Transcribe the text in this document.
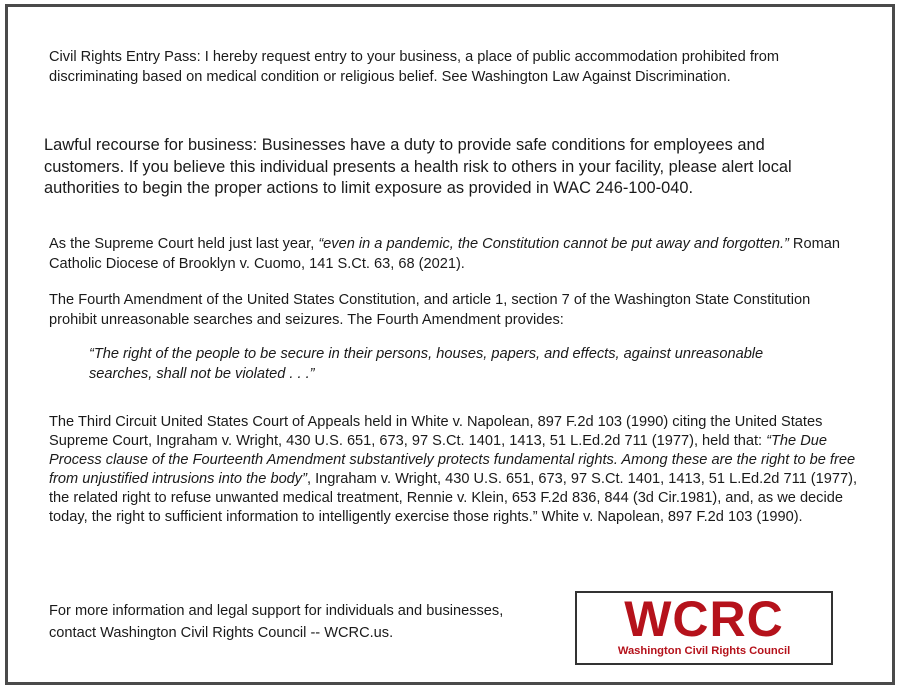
Civil Rights Entry Pass: I hereby request entry to your business, a place of public accommodation prohibited from discriminating based on medical condition or religious belief. See Washington Law Against Discrimination.

Lawful recourse for business: Businesses have a duty to provide safe conditions for employees and customers. If you believe this individual presents a health risk to others in your facility, please alert local authorities to begin the proper actions to limit exposure as provided in WAC 246-100-040.

As the Supreme Court held just last year, “even in a pandemic, the Constitution cannot be put away and forgotten.” Roman Catholic Diocese of Brooklyn v. Cuomo, 141 S.Ct. 63, 68 (2021).

The Fourth Amendment of the United States Constitution, and article 1, section 7 of the Washington State Constitution prohibit unreasonable searches and seizures. The Fourth Amendment provides:

“The right of the people to be secure in their persons, houses, papers, and effects, against unreasonable searches, shall not be violated . . .”

The Third Circuit United States Court of Appeals held in White v. Napolean, 897 F.2d 103 (1990) citing the United States Supreme Court, Ingraham v. Wright, 430 U.S. 651, 673, 97 S.Ct. 1401, 1413, 51 L.Ed.2d 711 (1977), held that: “The Due Process clause of the Fourteenth Amendment substantively protects fundamental rights. Among these are the right to be free from unjustified intrusions into the body”, Ingraham v. Wright, 430 U.S. 651, 673, 97 S.Ct. 1401, 1413, 51 L.Ed.2d 711 (1977), the related right to refuse unwanted medical treatment, Rennie v. Klein, 653 F.2d 836, 844 (3d Cir.1981), and, as we decide today, the right to sufficient information to intelligently exercise those rights.” White v. Napolean, 897 F.2d 103 (1990).

For more information and legal support for individuals and businesses, contact Washington Civil Rights Council -- WCRC.us.	WCRC
Washington Civil Rights Council
